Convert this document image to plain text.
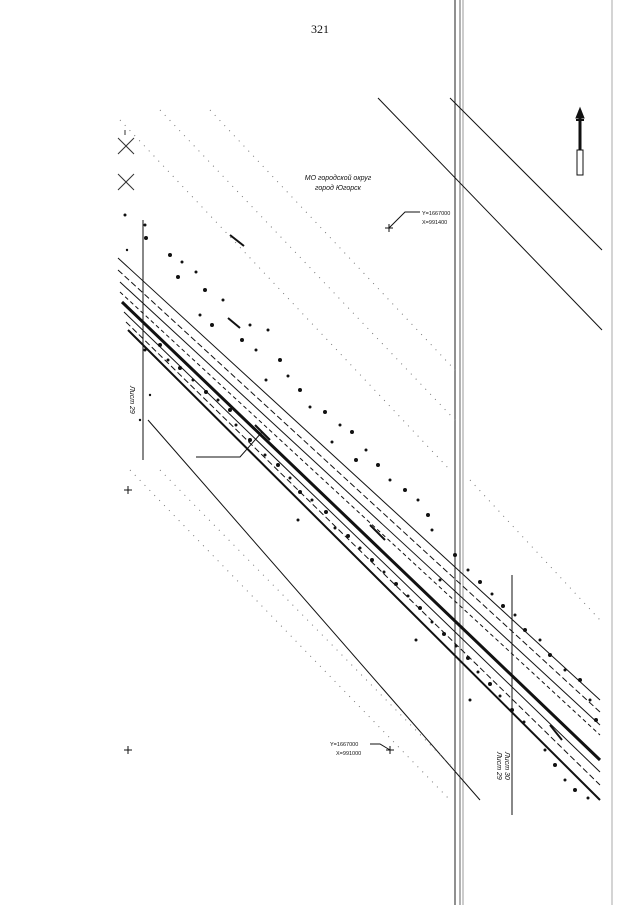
321
МО городской округ
город Югорск
Y=1667000
X=991400
Y=1667000
X=991000
Лист 29
Лист 30
Лист 29
